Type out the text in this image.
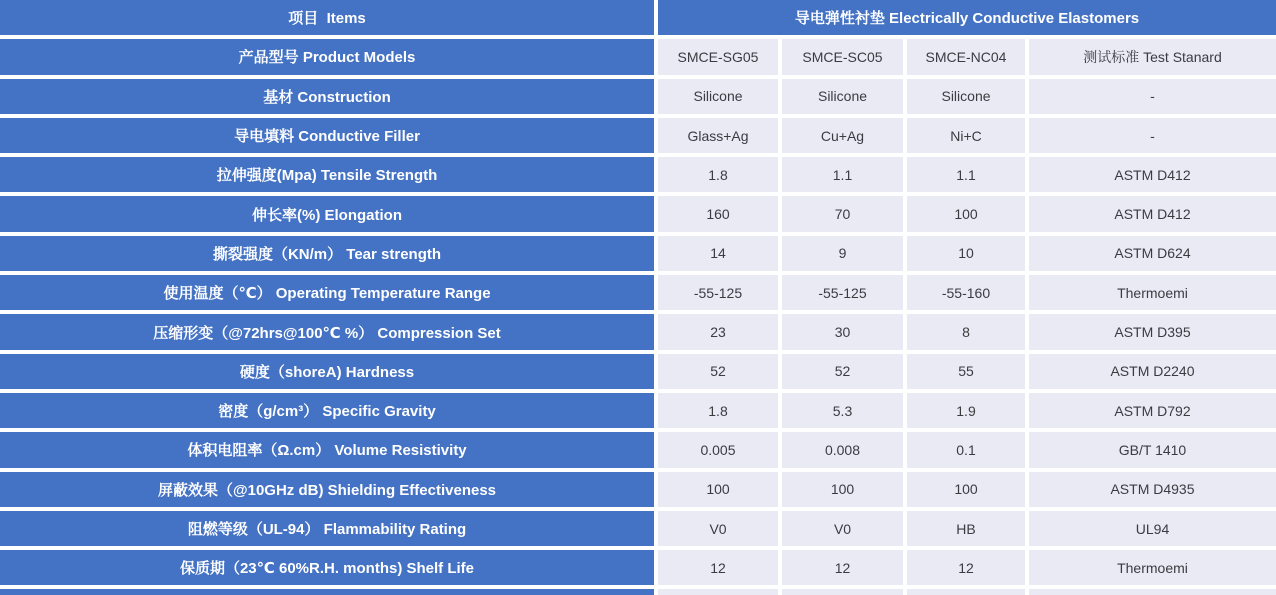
项目  Items	导电弹性衬垫 Electrically Conductive Elastomers
产品型号 Product Models	SMCE-SG05	SMCE-SC05	SMCE-NC04	测试标准 Test Stanard
基材 Construction	Silicone	Silicone	Silicone	-
导电填料 Conductive Filler	Glass+Ag	Cu+Ag	Ni+C	-
拉伸强度(Mpa) Tensile Strength	1.8	1.1	1.1	ASTM D412
伸长率(%) Elongation	160	70	100	ASTM D412
撕裂强度（KN/m） Tear strength	14	9	10	ASTM D624
使用温度（℃） Operating Temperature Range	-55-125	-55-125	-55-160	Thermoemi
压缩形变（@72hrs@100℃ %） Compression Set	23	30	8	ASTM D395
硬度（shoreA) Hardness	52	52	55	ASTM D2240
密度（g/cm³） Specific Gravity	1.8	5.3	1.9	ASTM D792
体积电阻率（Ω.cm） Volume Resistivity	0.005	0.008	0.1	GB/T 1410
屏蔽效果（@10GHz dB) Shielding Effectiveness	100	100	100	ASTM D4935
阻燃等级（UL-94） Flammability Rating	V0	V0	HB	UL94
保质期（23℃ 60%R.H. months) Shelf Life	12	12	12	Thermoemi
